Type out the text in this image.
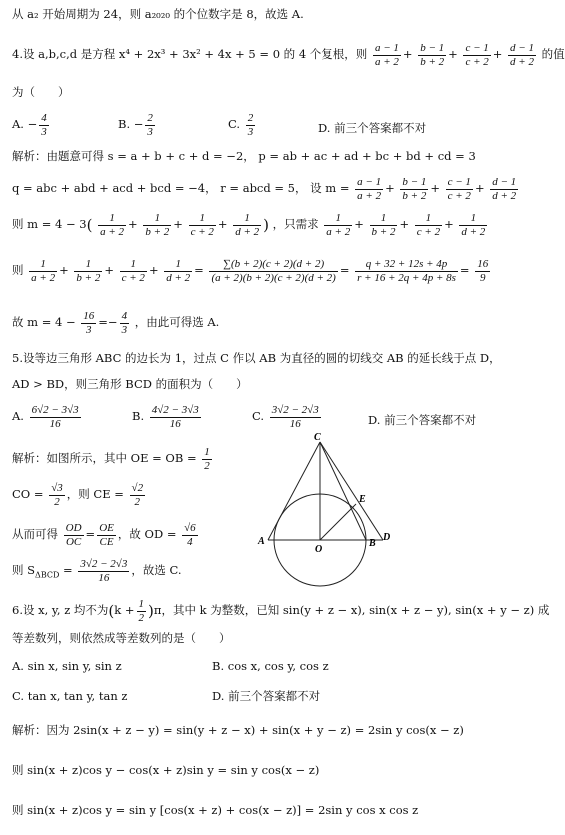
从 a₂ 开始周期为 24，则 a₂₀₂₀ 的个位数字是 8，故选 A.
4.设 a,b,c,d 是方程 x⁴ + 2x³ + 3x² + 4x + 5 = 0 的 4 个复根，则 $\frac{a - 1}{a + 2} + \frac{b - 1}{b + 2} + \frac{c - 1}{c + 2} + \frac{d - 1}{d + 2}$ 的值
为（　　）
A. − $\frac{4}{3}$	B. − $\frac{2}{3}$	C. $\frac{2}{3}$	D. 前三个答案都不对
解析：由题意可得 s = a + b + c + d = −2， p = ab + ac + ad + bc + bd + cd = 3
q = abc + abd + acd + bcd = −4， r = abcd = 5， 设 $m = \frac{a - 1}{a + 2} + \frac{b - 1}{b + 2} + \frac{c - 1}{c + 2} + \frac{d - 1}{d + 2}$
则 $m = 4 - 3( \frac{1}{a + 2} + \frac{1}{b + 2} + \frac{1}{c + 2} + \frac{1}{d + 2}$ ) ，只需求 $\frac{1}{a + 2} + \frac{1}{b + 2} + \frac{1}{c + 2} + \frac{1}{d + 2}$
则 $\frac{1}{a + 2} + \frac{1}{b + 2} + \frac{1}{c + 2} + \frac{1}{d + 2} = \frac{\sum(b + 2)(c + 2)(d + 2)}{(a + 2)(b + 2)(c + 2)(d + 2)} = \frac{q + 32 + 12s + 4p}{r + 16 + 2q + 4p + 8s} = \frac{16}{9}$
故 $m = 4 - \frac{16}{3} =- \frac{4}{3}$ ，由此可得选 A.
5.设等边三角形 ABC 的边长为 1，过点 C 作以 AB 为直径的圆的切线交 AB 的延长线于点 D，
AD > BD，则三角形 BCD 的面积为（　　）
A. $\frac{6√2 - 3√3}{16}$	B. $\frac{4√2 - 3√3}{16}$	C. $\frac{3√2 - 2√3}{16}$	D. 前三个答案都不对
解析：如图所示，其中 OE = OB = $\frac{1}{2}$
CO = $\frac{√3}{2}$ ，则 CE = $\frac{√2}{2}$
从而可得 $\frac{OD}{OC} = \frac{OE}{CE}$ ，故 OD = $\frac{√6}{4}$
则 $S_{\Delta BCD} = \frac{3√2 - 2√3}{16}$ ，故选 C.
C
E
A
O
B
D
6.设 x, y, z 均不为$(k + \frac{1}{2} )\pi$，其中 k 为整数，已知 sin(y + z − x), sin(x + z − y), sin(x + y − z) 成
等差数列，则依然成等差数列的是（　　）
A. sin x, sin y, sin z	B. cos x, cos y, cos z
C. tan x, tan y, tan z	D. 前三个答案都不对
解析：因为 2sin(x + z − y) = sin(y + z − x) + sin(x + y − z) = 2sin y cos(x − z)
则 sin(x + z)cos y − cos(x + z)sin y = sin y cos(x − z)
则 sin(x + z)cos y = sin y [cos(x + z) + cos(x − z)] = 2sin y cos x cos z
